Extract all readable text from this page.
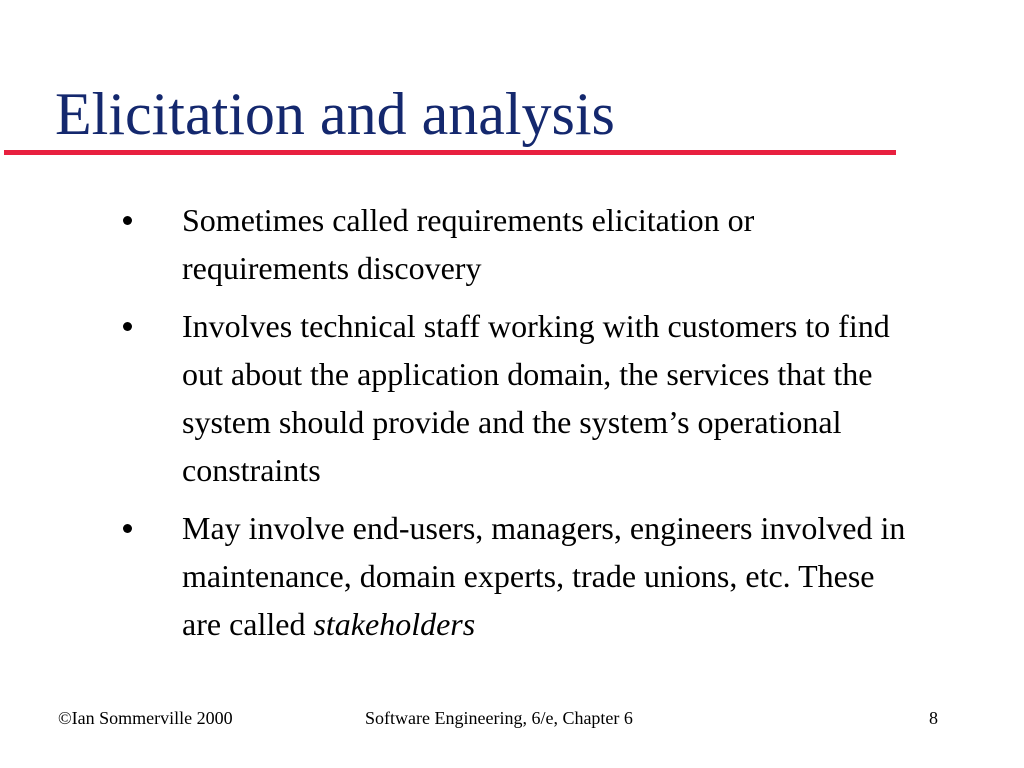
Elicitation and analysis
Sometimes called requirements elicitation or requirements discovery
Involves technical staff working with customers to find out about the application domain, the services that the system should provide and the system’s operational constraints
May involve end-users, managers, engineers involved in maintenance, domain experts, trade unions, etc. These are called stakeholders
©Ian Sommerville 2000	Software Engineering, 6/e, Chapter 6	8
